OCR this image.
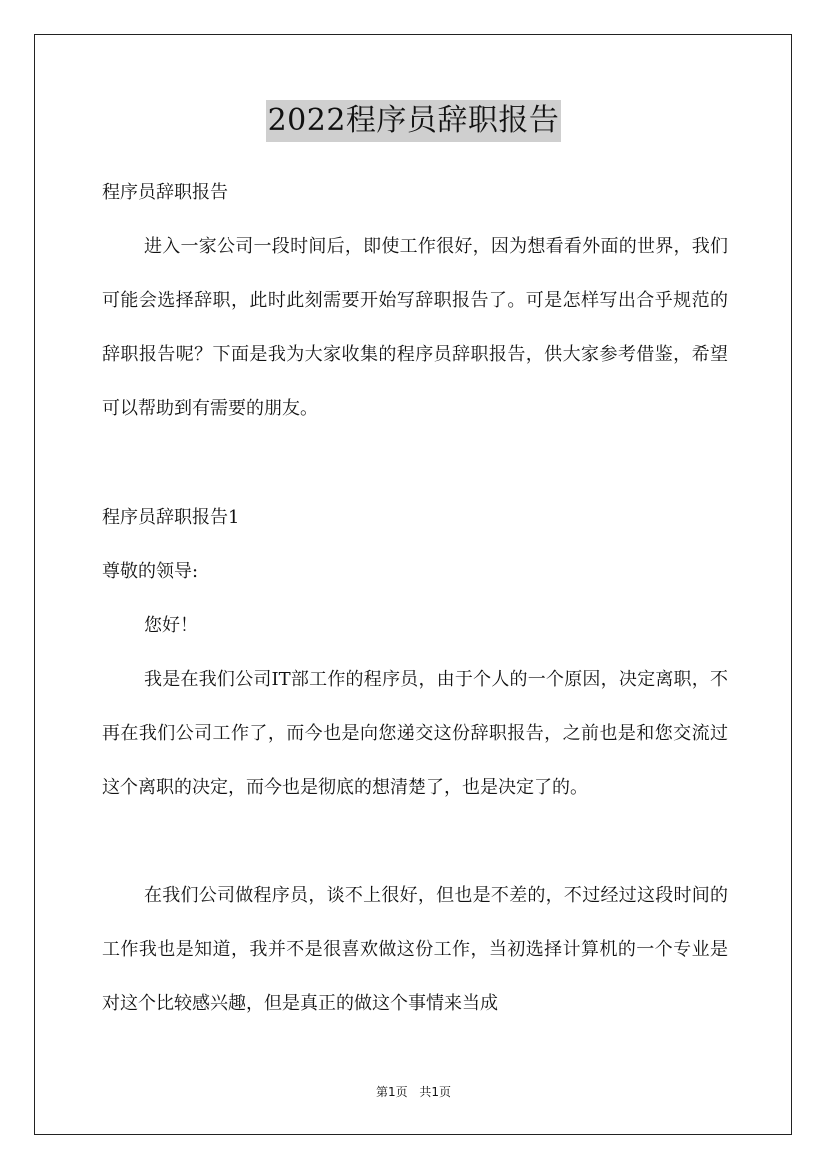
2022程序员辞职报告

程序员辞职报告

进入一家公司一段时间后，即使工作很好，因为想看看外面的世界，我们可能会选择辞职，此时此刻需要开始写辞职报告了。可是怎样写出合乎规范的辞职报告呢？下面是我为大家收集的程序员辞职报告，供大家参考借鉴，希望可以帮助到有需要的朋友。

程序员辞职报告1

尊敬的领导:

您好！

我是在我们公司IT部工作的程序员，由于个人的一个原因，决定离职，不再在我们公司工作了，而今也是向您递交这份辞职报告，之前也是和您交流过这个离职的决定，而今也是彻底的想清楚了，也是决定了的。

在我们公司做程序员，谈不上很好，但也是不差的，不过经过这段时间的工作我也是知道，我并不是很喜欢做这份工作，当初选择计算机的一个专业是对这个比较感兴趣，但是真正的做这个事情来当成

第1页 共1页
